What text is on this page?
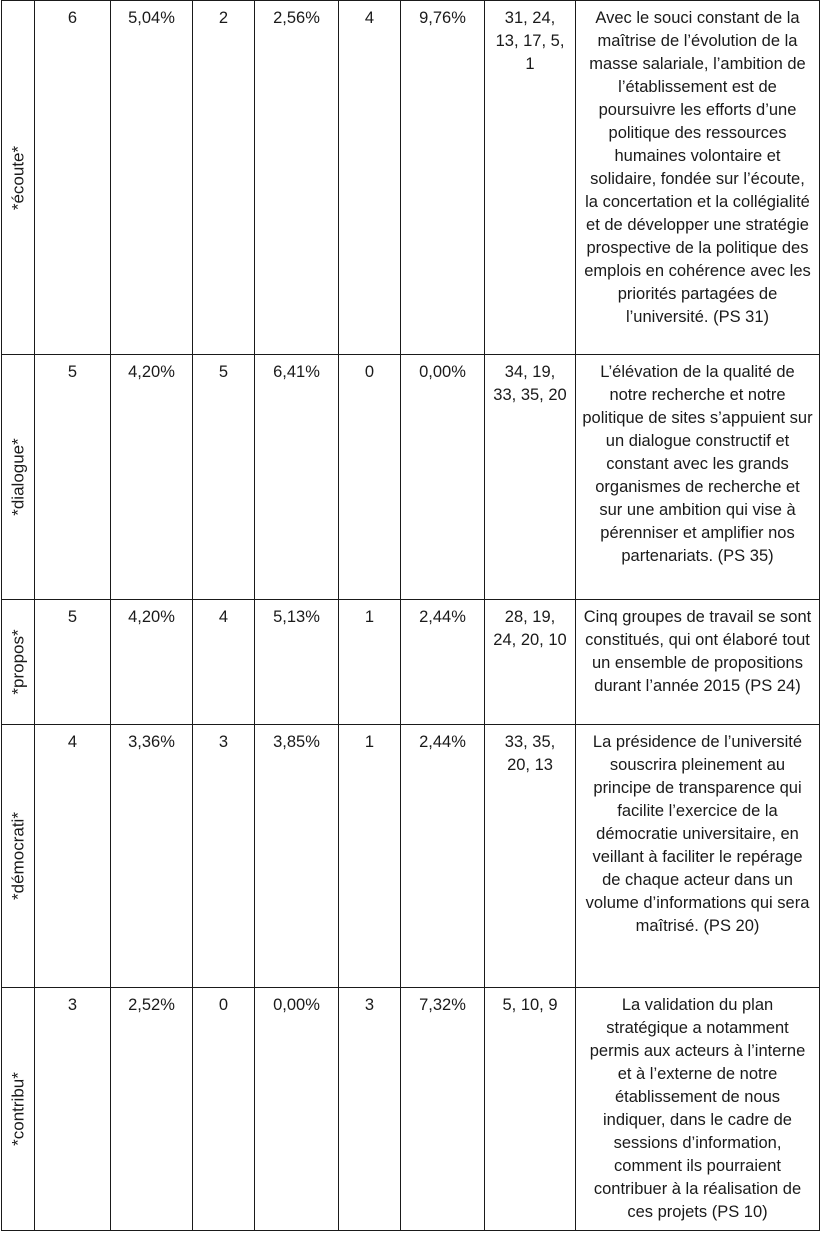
*écoute*	6	5,04%	2	2,56%	4	9,76%	31, 24, 13, 17, 5, 1	Avec le souci constant de la maîtrise de l’évolution de la masse salariale, l’ambition de l’établissement est de poursuivre les efforts d’une politique des ressources humaines volontaire et solidaire, fondée sur l’écoute, la concertation et la collégialité et de développer une stratégie prospective de la politique des emplois en cohérence avec les priorités partagées de l’université. (PS 31)

*dialogue*	5	4,20%	5	6,41%	0	0,00%	34, 19, 33, 35, 20	L’élévation de la qualité de notre recherche et notre politique de sites s’appuient sur un dialogue constructif et constant avec les grands organismes de recherche et sur une ambition qui vise à pérenniser et amplifier nos partenariats. (PS 35)

*propos*	5	4,20%	4	5,13%	1	2,44%	28, 19, 24, 20, 10	Cinq groupes de travail se sont constitués, qui ont élaboré tout un ensemble de propositions durant l’année 2015 (PS 24)

*démocrati*	4	3,36%	3	3,85%	1	2,44%	33, 35, 20, 13	La présidence de l’université souscrira pleinement au principe de transparence qui facilite l’exercice de la démocratie universitaire, en veillant à faciliter le repérage de chaque acteur dans un volume d’informations qui sera maîtrisé. (PS 20)

*contribu*	3	2,52%	0	0,00%	3	7,32%	5, 10, 9	La validation du plan stratégique a notamment permis aux acteurs à l’interne et à l’externe de notre établissement de nous indiquer, dans le cadre de sessions d’information, comment ils pourraient contribuer à la réalisation de ces projets (PS 10)
